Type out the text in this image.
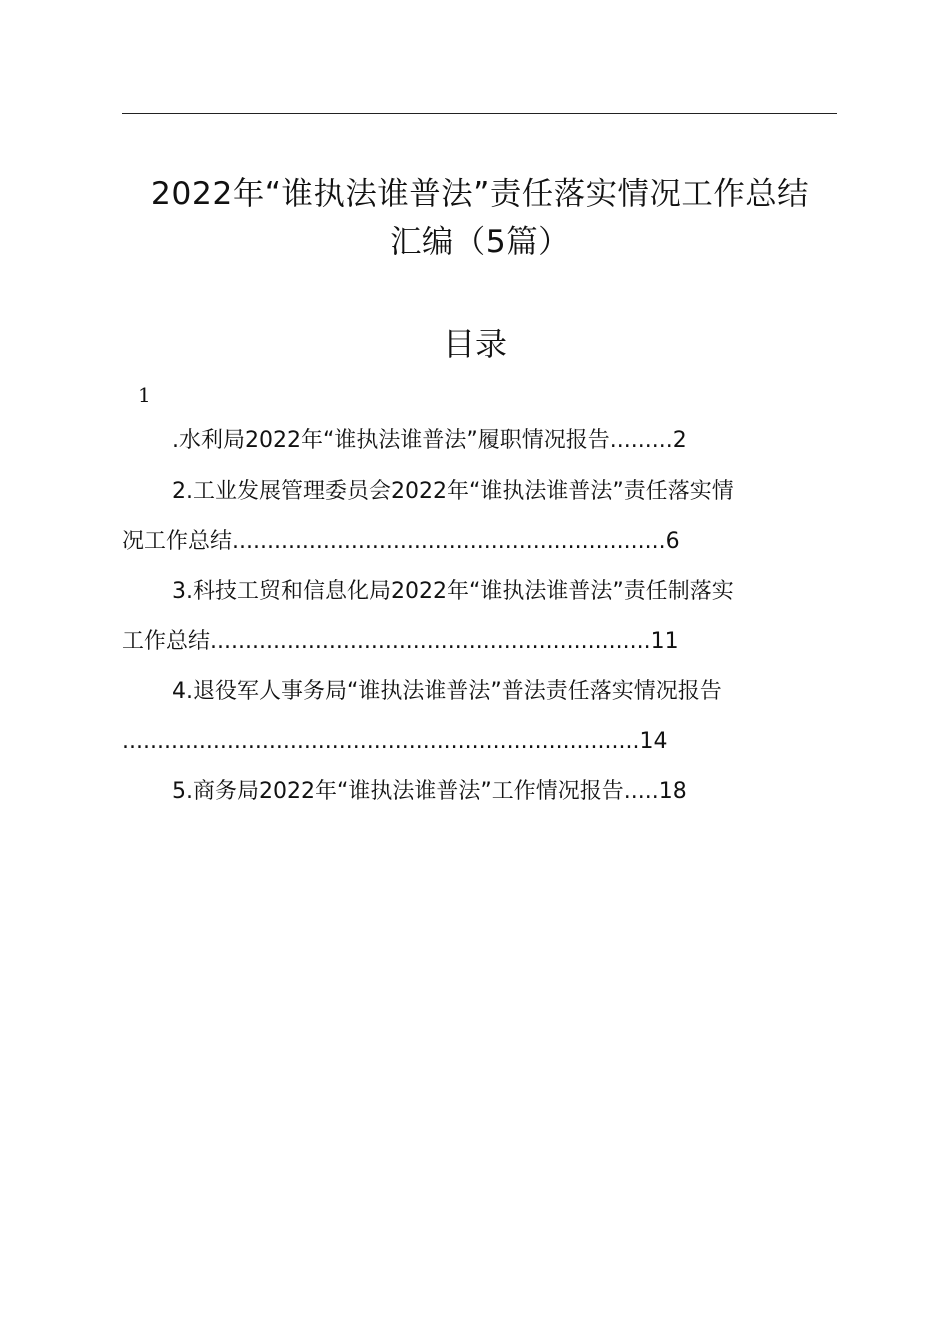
2022年“谁执法谁普法”责任落实情况工作总结
汇编（5篇）
目录
1
.水利局2022年“谁执法谁普法”履职情况报告.........2
2.工业发展管理委员会2022年“谁执法谁普法”责任落实情
况工作总结..............................................................6
3.科技工贸和信息化局2022年“谁执法谁普法”责任制落实
工作总结...............................................................11
4.退役军人事务局“谁执法谁普法”普法责任落实情况报告
..........................................................................14
5.商务局2022年“谁执法谁普法”工作情况报告.....18
